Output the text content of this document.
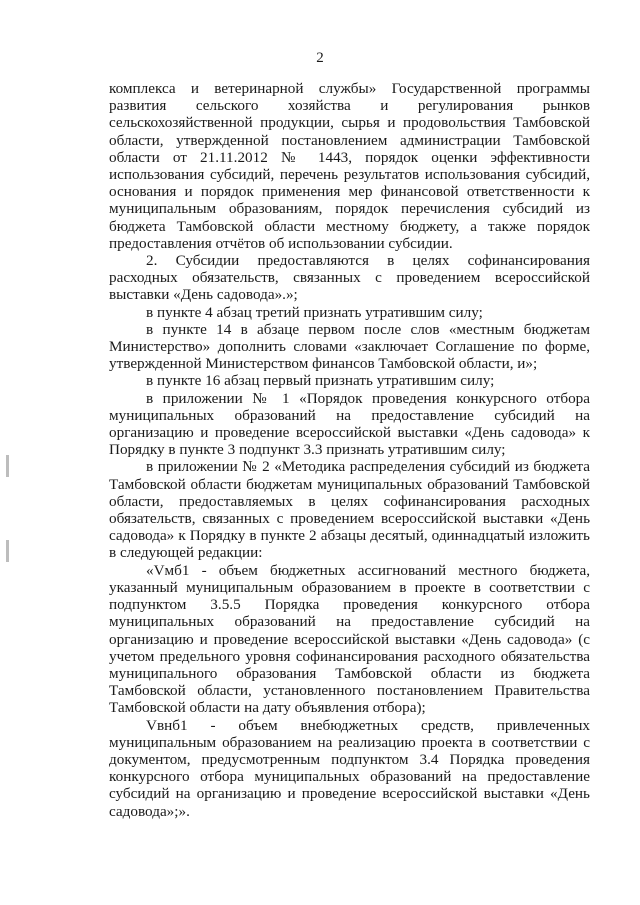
2

комплекса и ветеринарной службы» Государственной программы развития сельского хозяйства и регулирования рынков сельскохозяйственной продукции, сырья и продовольствия Тамбовской области, утвержденной постановлением администрации Тамбовской области от 21.11.2012 № 1443, порядок оценки эффективности использования субсидий, перечень результатов использования субсидий, основания и порядок применения мер финансовой ответственности к муниципальным образованиям, порядок перечисления субсидий из бюджета Тамбовской области местному бюджету, а также порядок предоставления отчётов об использовании субсидии.

2. Субсидии предоставляются в целях софинансирования расходных обязательств, связанных с проведением всероссийской выставки «День садовода».»;

в пункте 4 абзац третий признать утратившим силу;

в пункте 14 в абзаце первом после слов «местным бюджетам Министерство» дополнить словами «заключает Соглашение по форме, утвержденной Министерством финансов Тамбовской области, и»;

в пункте 16 абзац первый признать утратившим силу;

в приложении № 1 «Порядок проведения конкурсного отбора муниципальных образований на предоставление субсидий на организацию и проведение всероссийской выставки «День садовода» к Порядку в пункте 3 подпункт 3.3 признать утратившим силу;

в приложении № 2 «Методика распределения субсидий из бюджета Тамбовской области бюджетам муниципальных образований Тамбовской области, предоставляемых в целях софинансирования расходных обязательств, связанных с проведением всероссийской выставки «День садовода» к Порядку в пункте 2 абзацы десятый, одиннадцатый изложить в следующей редакции:

«Vмб1 - объем бюджетных ассигнований местного бюджета, указанный муниципальным образованием в проекте в соответствии с подпунктом 3.5.5 Порядка проведения конкурсного отбора муниципальных образований на предоставление субсидий на организацию и проведение всероссийской выставки «День садовода» (с учетом предельного уровня софинансирования расходного обязательства муниципального образования Тамбовской области из бюджета Тамбовской области, установленного постановлением Правительства Тамбовской области на дату объявления отбора);

Vвнб1 - объем внебюджетных средств, привлеченных муниципальным образованием на реализацию проекта в соответствии с документом, предусмотренным подпунктом 3.4 Порядка проведения конкурсного отбора муниципальных образований на предоставление субсидий на организацию и проведение всероссийской выставки «День садовода»;».
